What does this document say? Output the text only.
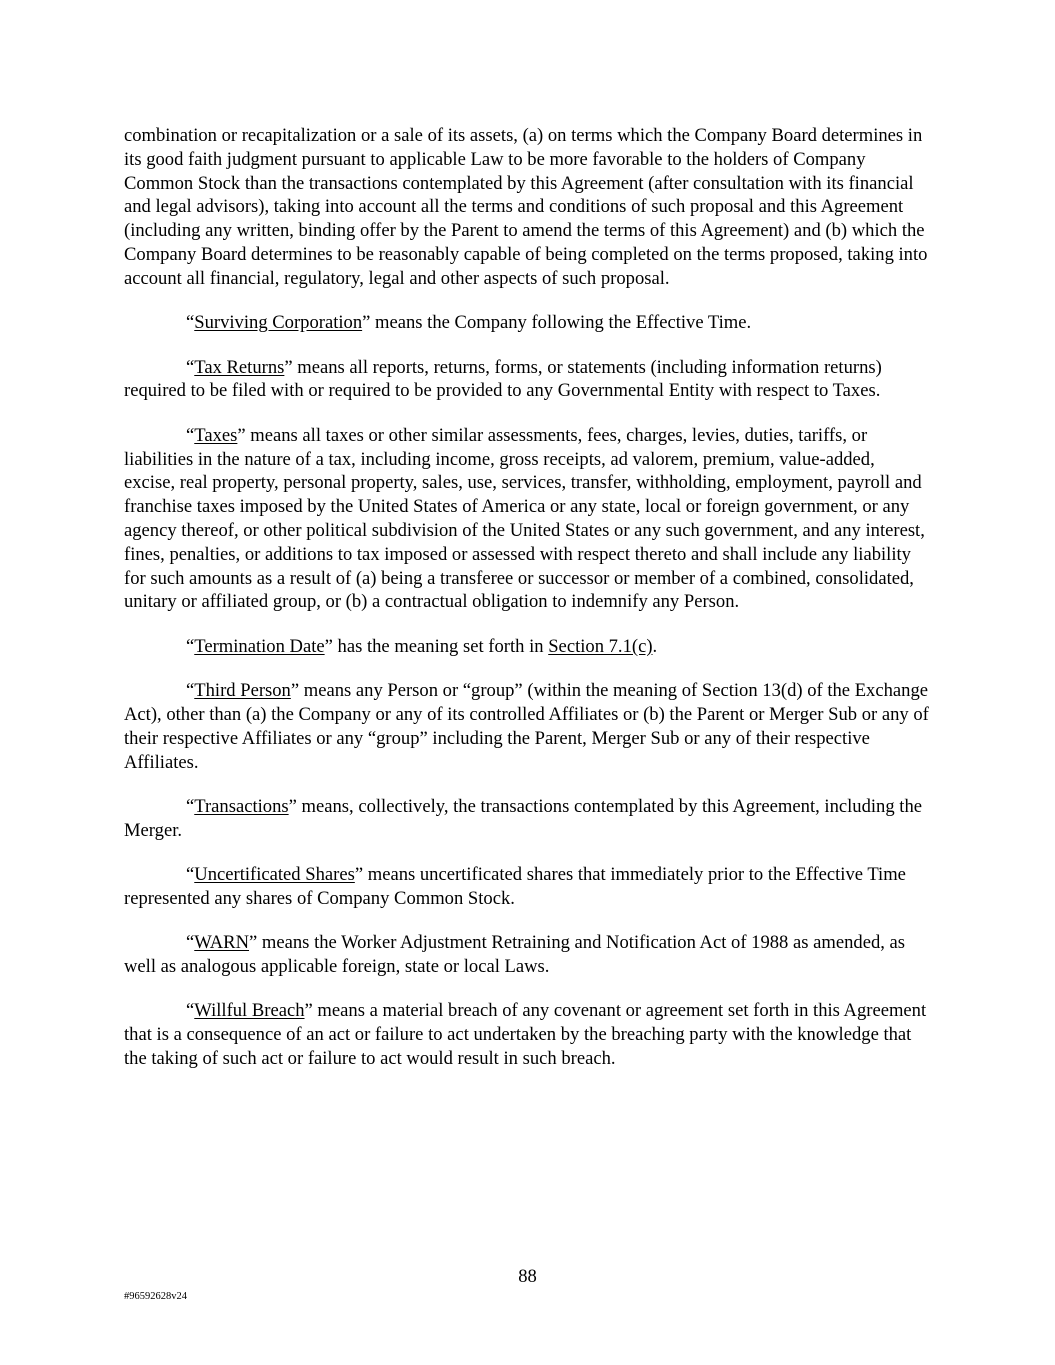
combination or recapitalization or a sale of its assets, (a) on terms which the Company Board determines in its good faith judgment pursuant to applicable Law to be more favorable to the holders of Company Common Stock than the transactions contemplated by this Agreement (after consultation with its financial and legal advisors), taking into account all the terms and conditions of such proposal and this Agreement (including any written, binding offer by the Parent to amend the terms of this Agreement) and (b) which the Company Board determines to be reasonably capable of being completed on the terms proposed, taking into account all financial, regulatory, legal and other aspects of such proposal.

“Surviving Corporation” means the Company following the Effective Time.

“Tax Returns” means all reports, returns, forms, or statements (including information returns) required to be filed with or required to be provided to any Governmental Entity with respect to Taxes.

“Taxes” means all taxes or other similar assessments, fees, charges, levies, duties, tariffs, or liabilities in the nature of a tax, including income, gross receipts, ad valorem, premium, value-added, excise, real property, personal property, sales, use, services, transfer, withholding, employment, payroll and franchise taxes imposed by the United States of America or any state, local or foreign government, or any agency thereof, or other political subdivision of the United States or any such government, and any interest, fines, penalties, or additions to tax imposed or assessed with respect thereto and shall include any liability for such amounts as a result of (a) being a transferee or successor or member of a combined, consolidated, unitary or affiliated group, or (b) a contractual obligation to indemnify any Person.

“Termination Date” has the meaning set forth in Section 7.1(c).

“Third Person” means any Person or “group” (within the meaning of Section 13(d) of the Exchange Act), other than (a) the Company or any of its controlled Affiliates or (b) the Parent or Merger Sub or any of their respective Affiliates or any “group” including the Parent, Merger Sub or any of their respective Affiliates.

“Transactions” means, collectively, the transactions contemplated by this Agreement, including the Merger.

“Uncertificated Shares” means uncertificated shares that immediately prior to the Effective Time represented any shares of Company Common Stock.

“WARN” means the Worker Adjustment Retraining and Notification Act of 1988 as amended, as well as analogous applicable foreign, state or local Laws.

“Willful Breach” means a material breach of any covenant or agreement set forth in this Agreement that is a consequence of an act or failure to act undertaken by the breaching party with the knowledge that the taking of such act or failure to act would result in such breach.

88
#96592628v24
